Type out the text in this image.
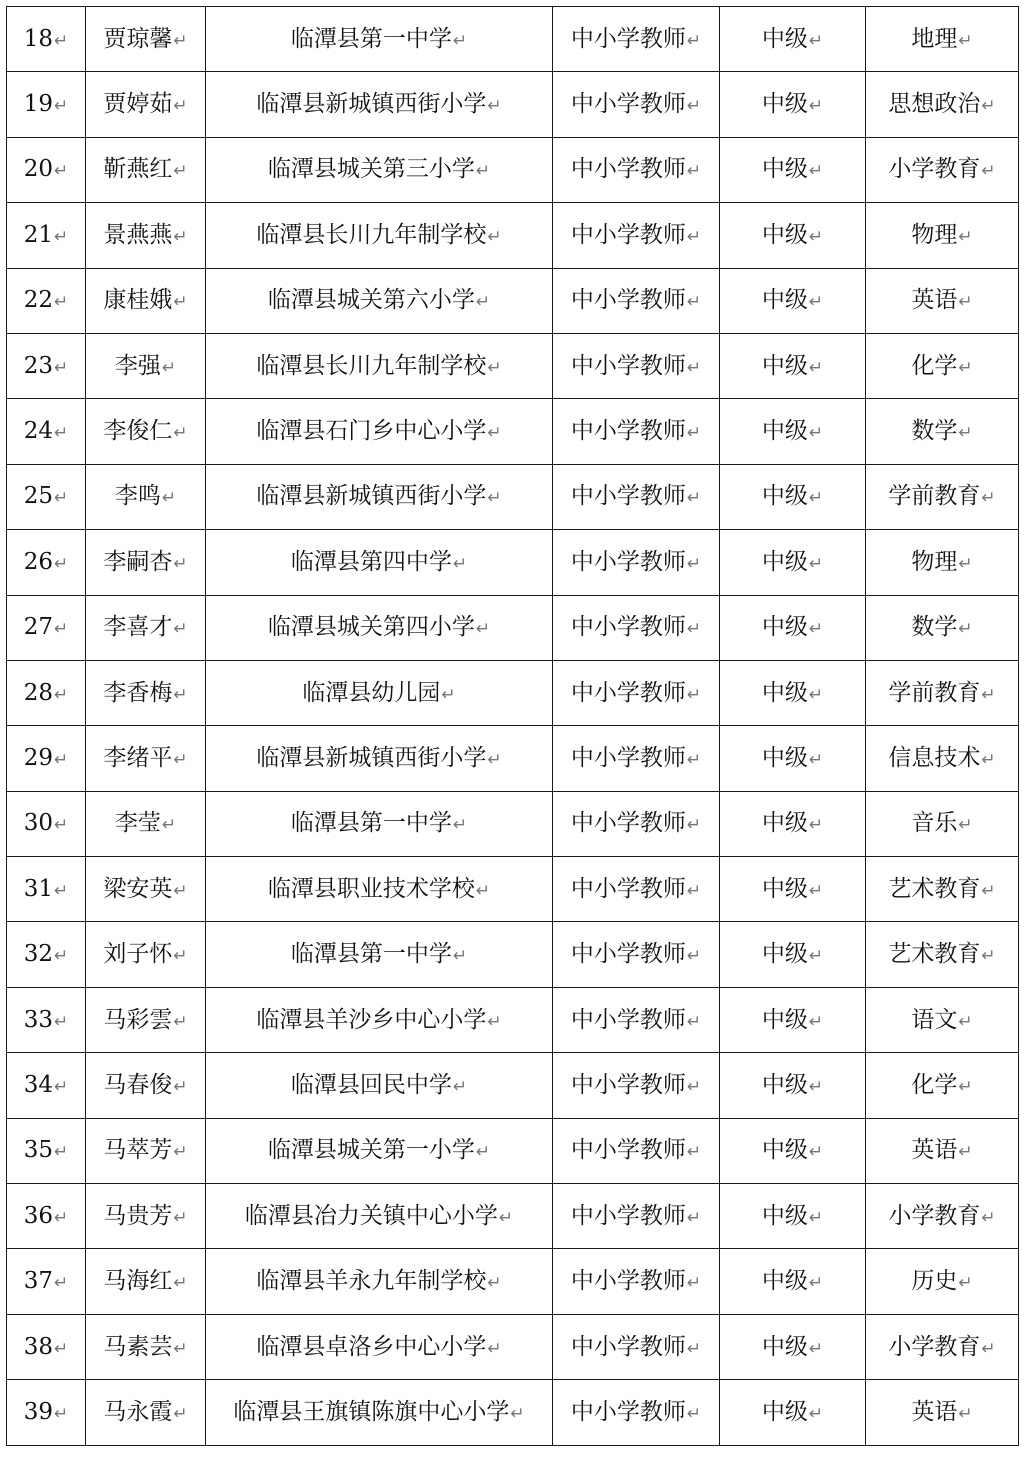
18↵	贾琼馨↵	临潭县第一中学↵	中小学教师↵	中级↵	地理↵
19↵	贾婷茹↵	临潭县新城镇西街小学↵	中小学教师↵	中级↵	思想政治↵
20↵	靳燕红↵	临潭县城关第三小学↵	中小学教师↵	中级↵	小学教育↵
21↵	景燕燕↵	临潭县长川九年制学校↵	中小学教师↵	中级↵	物理↵
22↵	康桂娥↵	临潭县城关第六小学↵	中小学教师↵	中级↵	英语↵
23↵	李强↵	临潭县长川九年制学校↵	中小学教师↵	中级↵	化学↵
24↵	李俊仁↵	临潭县石门乡中心小学↵	中小学教师↵	中级↵	数学↵
25↵	李鸣↵	临潭县新城镇西街小学↵	中小学教师↵	中级↵	学前教育↵
26↵	李嗣杏↵	临潭县第四中学↵	中小学教师↵	中级↵	物理↵
27↵	李喜才↵	临潭县城关第四小学↵	中小学教师↵	中级↵	数学↵
28↵	李香梅↵	临潭县幼儿园↵	中小学教师↵	中级↵	学前教育↵
29↵	李绪平↵	临潭县新城镇西街小学↵	中小学教师↵	中级↵	信息技术↵
30↵	李莹↵	临潭县第一中学↵	中小学教师↵	中级↵	音乐↵
31↵	梁安英↵	临潭县职业技术学校↵	中小学教师↵	中级↵	艺术教育↵
32↵	刘子怀↵	临潭县第一中学↵	中小学教师↵	中级↵	艺术教育↵
33↵	马彩雲↵	临潭县羊沙乡中心小学↵	中小学教师↵	中级↵	语文↵
34↵	马春俊↵	临潭县回民中学↵	中小学教师↵	中级↵	化学↵
35↵	马萃芳↵	临潭县城关第一小学↵	中小学教师↵	中级↵	英语↵
36↵	马贵芳↵	临潭县冶力关镇中心小学↵	中小学教师↵	中级↵	小学教育↵
37↵	马海红↵	临潭县羊永九年制学校↵	中小学教师↵	中级↵	历史↵
38↵	马素芸↵	临潭县卓洛乡中心小学↵	中小学教师↵	中级↵	小学教育↵
39↵	马永霞↵	临潭县王旗镇陈旗中心小学↵	中小学教师↵	中级↵	英语↵
